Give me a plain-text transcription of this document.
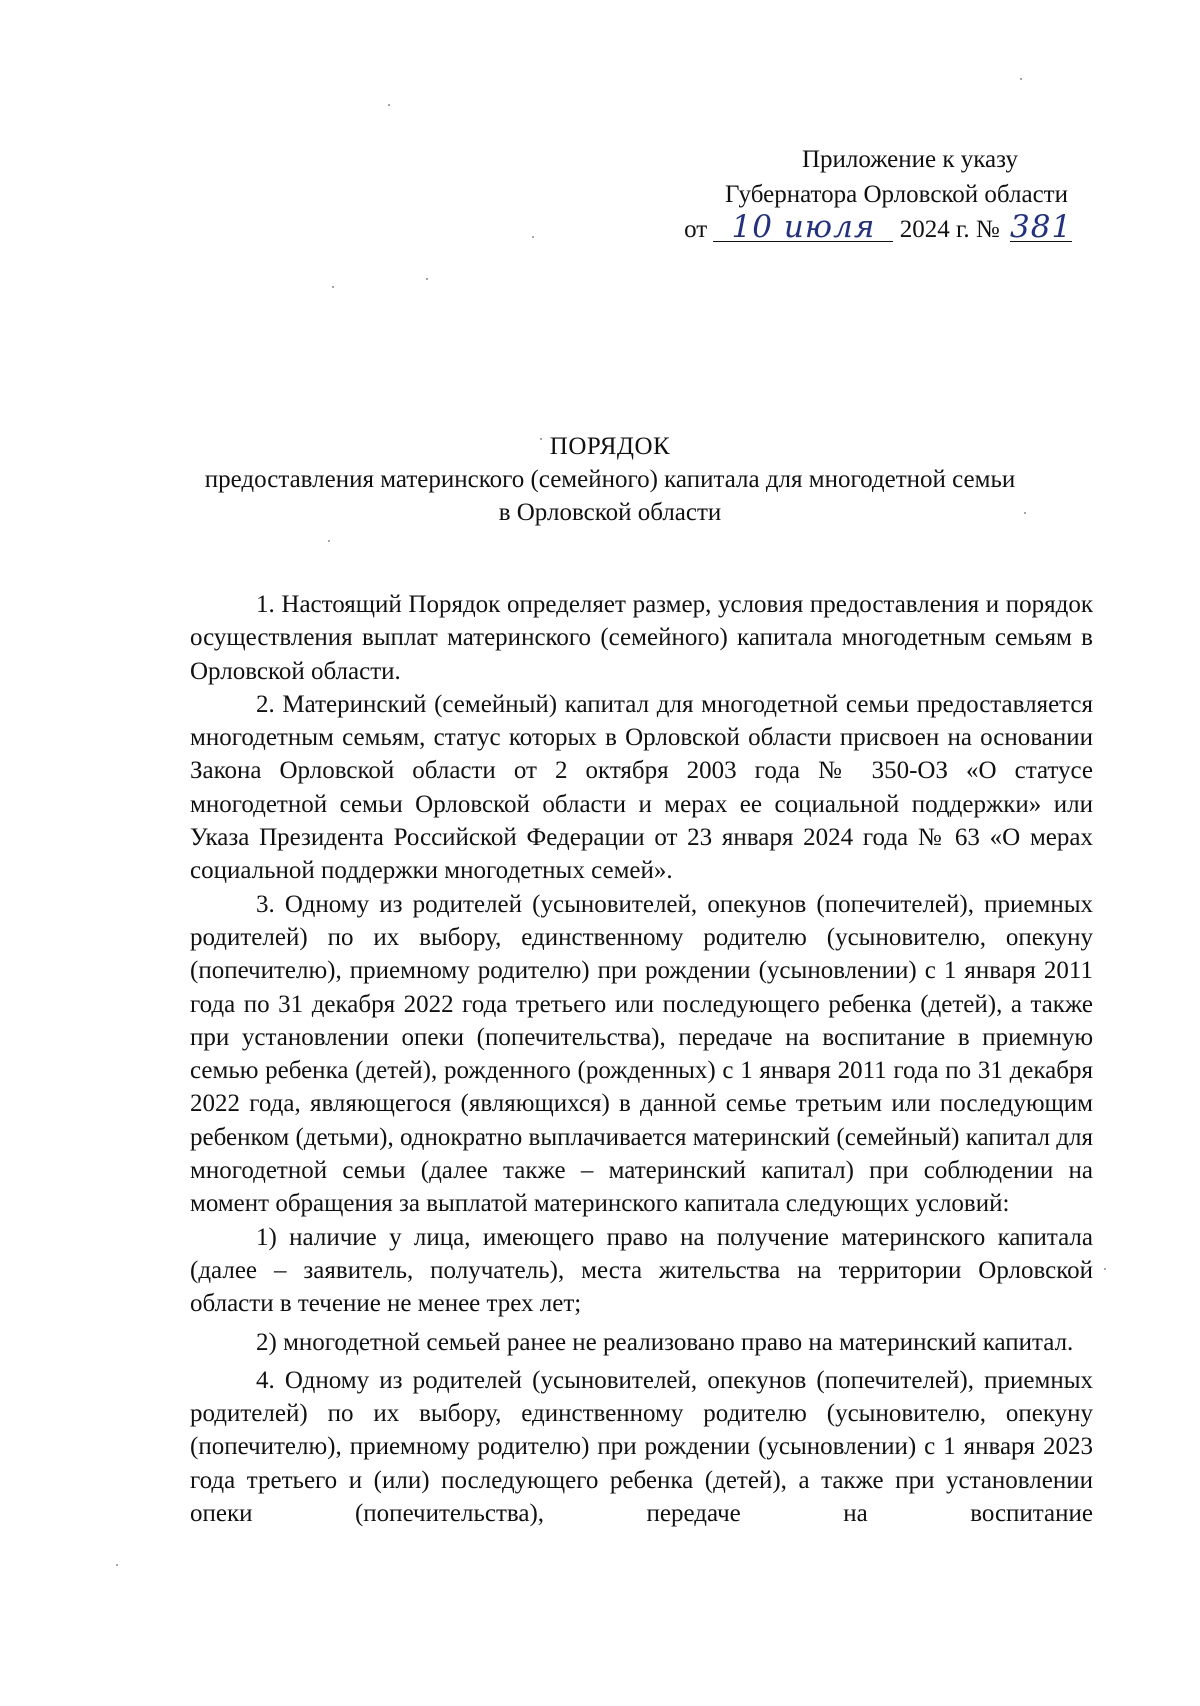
Приложение к указу
Губернатора Орловской области
от 10 июля 2024 г. № 381
ПОРЯДОК
предоставления материнского (семейного) капитала для многодетной семьи
в Орловской области

1. Настоящий Порядок определяет размер, условия предоставления и порядок осуществления выплат материнского (семейного) капитала многодетным семьям в Орловской области.

2. Материнский (семейный) капитал для многодетной семьи предоставляется многодетным семьям, статус которых в Орловской области присвоен на основании Закона Орловской области от 2 октября 2003 года № 350-ОЗ «О статусе многодетной семьи Орловской области и мерах ее социальной поддержки» или Указа Президента Российской Федерации от 23 января 2024 года № 63 «О мерах социальной поддержки многодетных семей».

3. Одному из родителей (усыновителей, опекунов (попечителей), приемных родителей) по их выбору, единственному родителю (усыновителю, опекуну (попечителю), приемному родителю) при рождении (усыновлении) с 1 января 2011 года по 31 декабря 2022 года третьего или последующего ребенка (детей), а также при установлении опеки (попечительства), передаче на воспитание в приемную семью ребенка (детей), рожденного (рожденных) с 1 января 2011 года по 31 декабря 2022 года, являющегося (являющихся) в данной семье третьим или последующим ребенком (детьми), однократно выплачивается материнский (семейный) капитал для многодетной семьи (далее также – материнский капитал) при соблюдении на момент обращения за выплатой материнского капитала следующих условий:

1) наличие у лица, имеющего право на получение материнского капитала (далее – заявитель, получатель), места жительства на территории Орловской области в течение не менее трех лет;

2) многодетной семьей ранее не реализовано право на материнский капитал.

4. Одному из родителей (усыновителей, опекунов (попечителей), приемных родителей) по их выбору, единственному родителю (усыновителю, опекуну (попечителю), приемному родителю) при рождении (усыновлении) с 1 января 2023 года третьего и (или) последующего ребенка (детей), а также при установлении опеки (попечительства), передаче на воспитание
